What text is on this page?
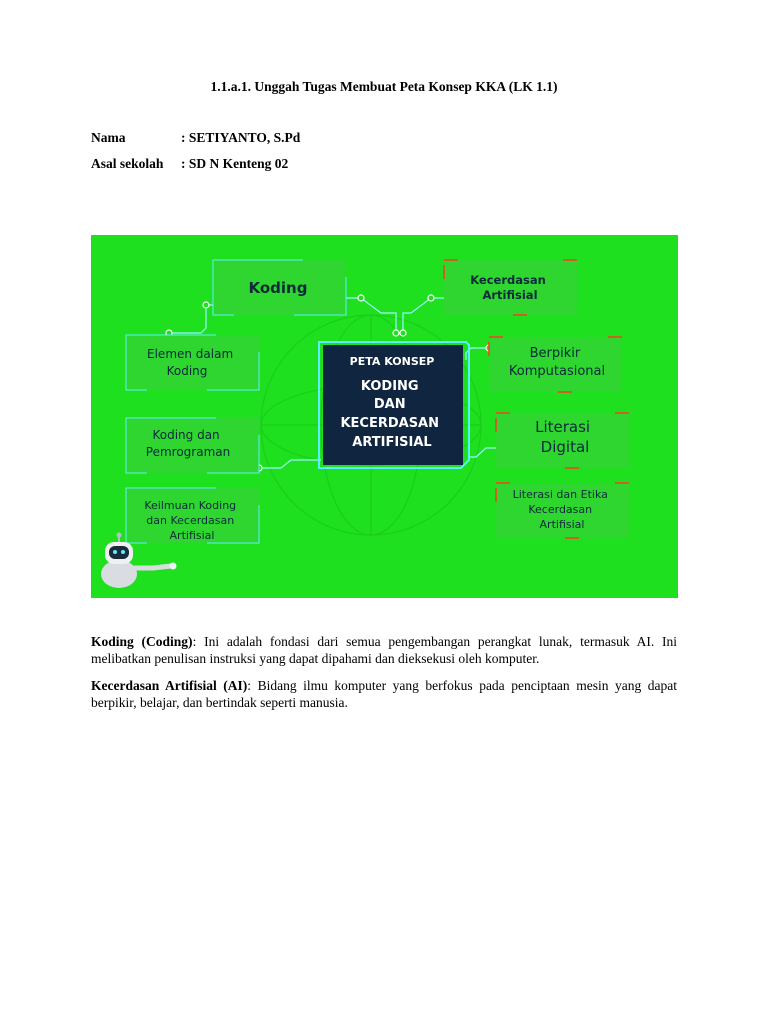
1.1.a.1. Unggah Tugas Membuat Peta Konsep KKA (LK 1.1)
Nama	: SETIYANTO, S.Pd
Asal sekolah : SD N Kenteng 02
Koding
Elemen dalam Koding
Koding dan Pemrograman
Keilmuan Koding dan Kecerdasan Artifisial
Kecerdasan Artifisial
Berpikir Komputasional
Literasi Digital
Literasi dan Etika Kecerdasan Artifisial
PETA KONSEP
KODING DAN KECERDASAN ARTIFISIAL
Koding (Coding): Ini adalah fondasi dari semua pengembangan perangkat lunak, termasuk AI. Ini melibatkan penulisan instruksi yang dapat dipahami dan dieksekusi oleh komputer.
Kecerdasan Artifisial (AI): Bidang ilmu komputer yang berfokus pada penciptaan mesin yang dapat berpikir, belajar, dan bertindak seperti manusia.
